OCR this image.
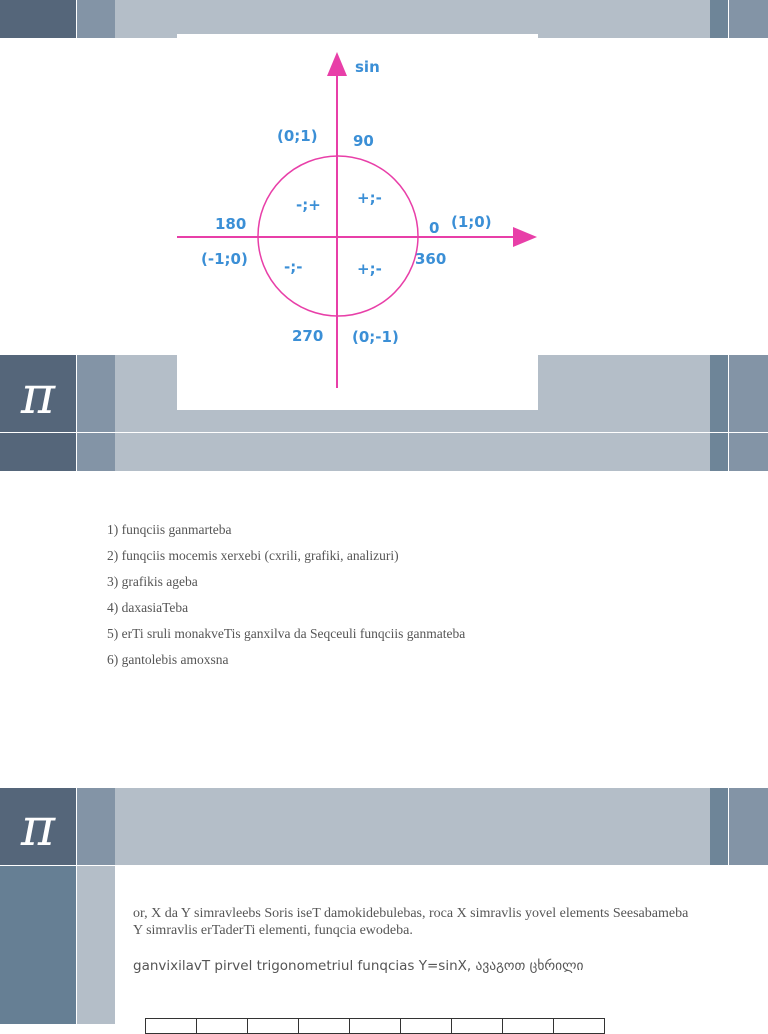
π
sin
90
180	0
360
270
(0;1)
(1;0)
(-1;0)
(0;-1)
-;+ +;-
-;-	+;-
1) funqciis ganmarteba
2) funqciis mocemis xerxebi (cxrili, grafiki, analizuri)
3) grafikis ageba
4) daxasiaTeba
5) erTi sruli monakveTis ganxilva da Seqceuli funqciis ganmateba
6) gantolebis amoxsna
π
or, X da Y simravleebs Soris iseT damokidebulebas, roca X simravlis yovel elements Seesabameba Y simravlis erTaderTi elementi, funqcia ewodeba.
ganvixilavT pirvel trigonometriul funqcias Y=sinX, ავაგოთ ცხრილი
